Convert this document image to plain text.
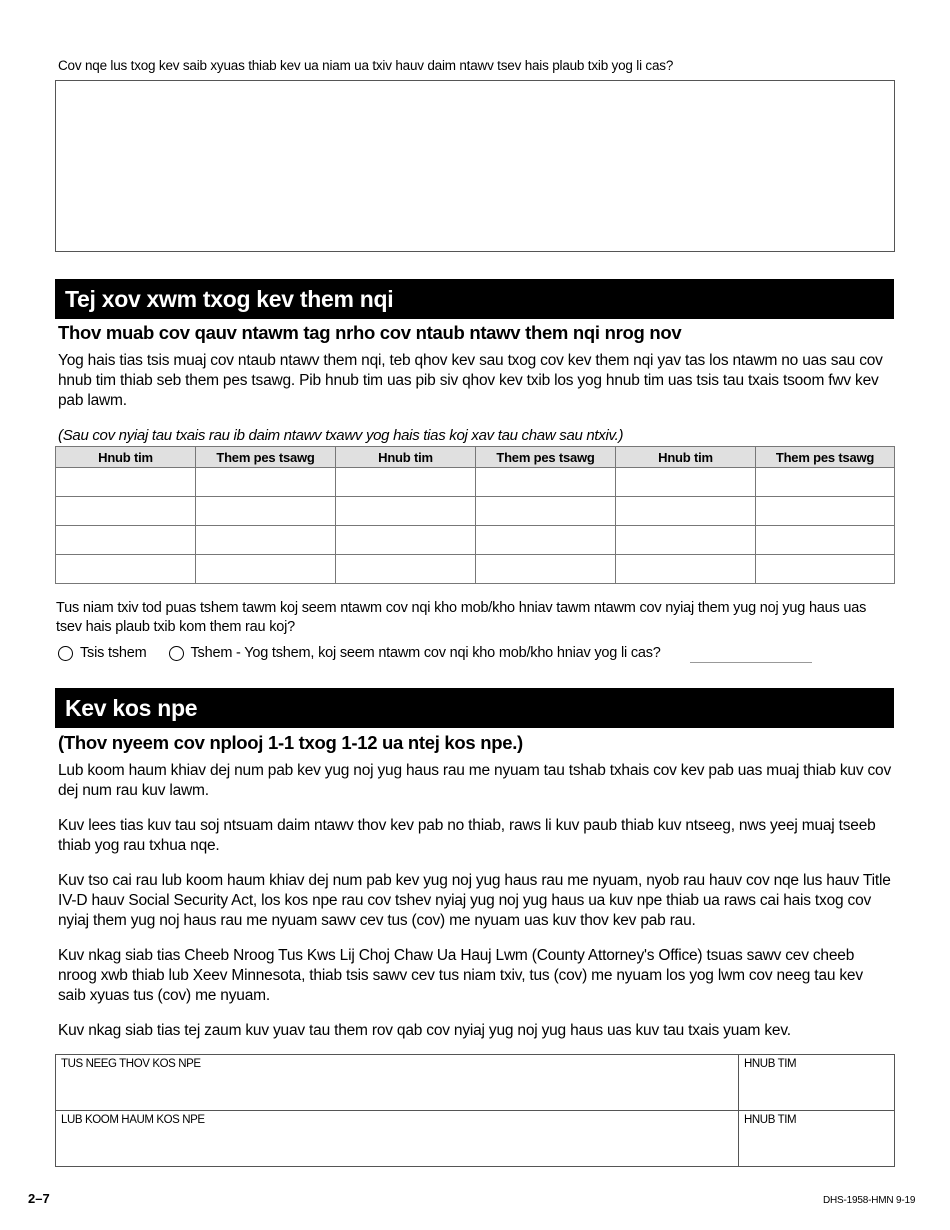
Cov nqe lus txog kev saib xyuas thiab kev ua niam ua txiv hauv daim ntawv tsev hais plaub txib yog li cas?
Tej xov xwm txog kev them nqi
Thov muab cov qauv ntawm tag nrho cov ntaub ntawv them nqi nrog nov
Yog hais tias tsis muaj cov ntaub ntawv them nqi, teb qhov kev sau txog cov kev them nqi yav tas los ntawm no uas sau cov hnub tim thiab seb them pes tsawg. Pib hnub tim uas pib siv qhov kev txib los yog hnub tim uas tsis tau txais tsoom fwv kev pab lawm.
(Sau cov nyiaj tau txais rau ib daim ntawv txawv yog hais tias koj xav tau chaw sau ntxiv.)
Hnub tim	Them pes tsawg	Hnub tim	Them pes tsawg	Hnub tim	Them pes tsawg

Tus niam txiv tod puas tshem tawm koj seem ntawm cov nqi kho mob/kho hniav tawm ntawm cov nyiaj them yug noj yug haus uas tsev hais plaub txib kom them rau koj?
Tsis tshem	Tshem - Yog tshem, koj seem ntawm cov nqi kho mob/kho hniav yog li cas?
Kev kos npe
(Thov nyeem cov nplooj 1-1 txog 1-12 ua ntej kos npe.)
Lub koom haum khiav dej num pab kev yug noj yug haus rau me nyuam tau tshab txhais cov kev pab uas muaj thiab kuv cov dej num rau kuv lawm.
Kuv lees tias kuv tau soj ntsuam daim ntawv thov kev pab no thiab, raws li kuv paub thiab kuv ntseeg, nws yeej muaj tseeb thiab yog rau txhua nqe.
Kuv tso cai rau lub koom haum khiav dej num pab kev yug noj yug haus rau me nyuam, nyob rau hauv cov nqe lus hauv Title IV-D hauv Social Security Act, los kos npe rau cov tshev nyiaj yug noj yug haus ua kuv npe thiab ua raws cai hais txog cov nyiaj them yug noj haus rau me nyuam sawv cev tus (cov) me nyuam uas kuv thov kev pab rau.
Kuv nkag siab tias Cheeb Nroog Tus Kws Lij Choj Chaw Ua Hauj Lwm (County Attorney's Office) tsuas sawv cev cheeb nroog xwb thiab lub Xeev Minnesota, thiab tsis sawv cev tus niam txiv, tus (cov) me nyuam los yog lwm cov neeg tau kev saib xyuas tus (cov) me nyuam.
Kuv nkag siab tias tej zaum kuv yuav tau them rov qab cov nyiaj yug noj yug haus uas kuv tau txais yuam kev.
TUS NEEG THOV KOS NPE	HNUB TIM
LUB KOOM HAUM KOS NPE	HNUB TIM
2–7	DHS-1958-HMN 9-19
